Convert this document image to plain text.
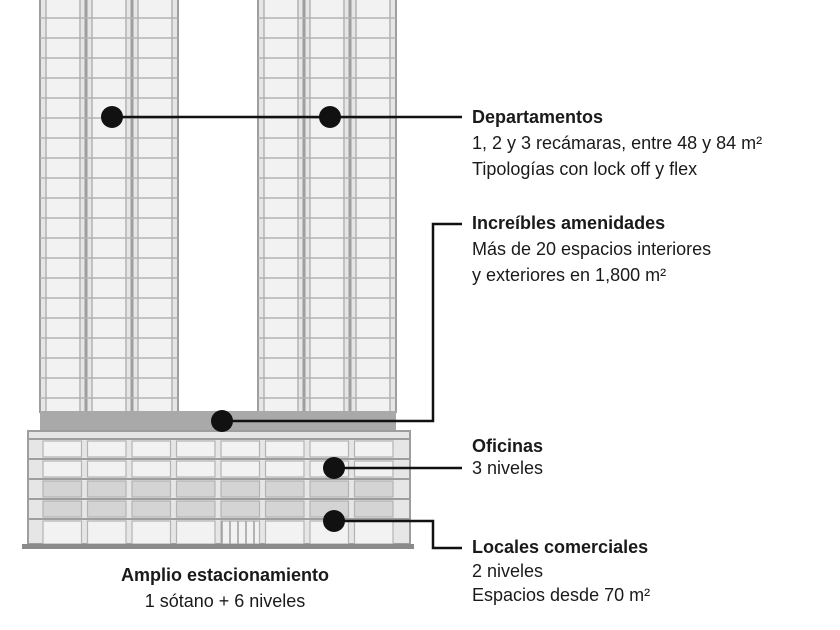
Departamentos
1, 2 y 3 recámaras, entre 48 y 84 m²
Tipologías con lock off y flex
Increíbles amenidades
Más de 20 espacios interiores
y exteriores en 1,800 m²
Oficinas
3 niveles
Locales comerciales
2 niveles
Espacios desde 70 m²
Amplio estacionamiento
1 sótano + 6 niveles
